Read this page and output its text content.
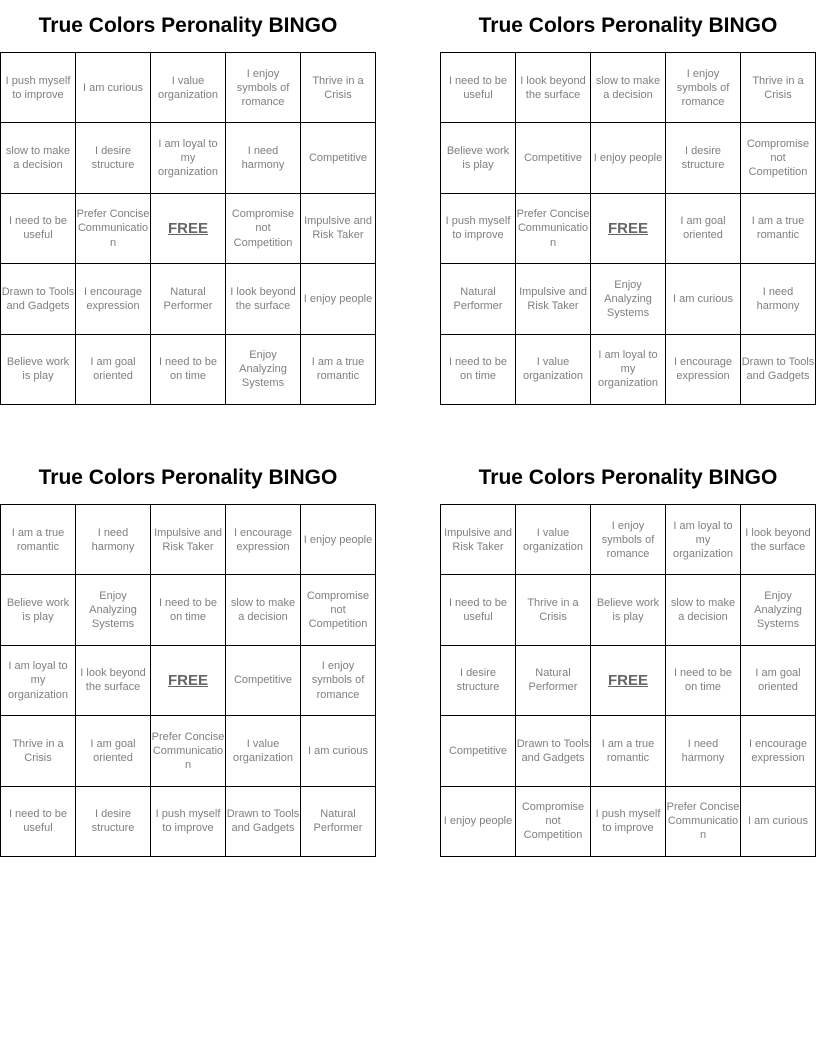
True Colors Peronality BINGO
I push myself to improve	I am curious	I value organization	I enjoy symbols of romance	Thrive in a Crisis
slow to make a decision	I desire structure	I am loyal to my organization	I need harmony	Competitive
I need to be useful	Prefer Concise Communication	FREE	Compromise not Competition	Impulsive and Risk Taker
Drawn to Tools and Gadgets	I encourage expression	Natural Performer	I look beyond the surface	I enjoy people
Believe work is play	I am goal oriented	I need to be on time	Enjoy Analyzing Systems	I am a true romantic
True Colors Peronality BINGO
I need to be useful	I look beyond the surface	slow to make a decision	I enjoy symbols of romance	Thrive in a Crisis
Believe work is play	Competitive	I enjoy people	I desire structure	Compromise not Competition
I push myself to improve	Prefer Concise Communication	FREE	I am goal oriented	I am a true romantic
Natural Performer	Impulsive and Risk Taker	Enjoy Analyzing Systems	I am curious	I need harmony
I need to be on time	I value organization	I am loyal to my organization	I encourage expression	Drawn to Tools and Gadgets
True Colors Peronality BINGO
I am a true romantic	I need harmony	Impulsive and Risk Taker	I encourage expression	I enjoy people
Believe work is play	Enjoy Analyzing Systems	I need to be on time	slow to make a decision	Compromise not Competition
I am loyal to my organization	I look beyond the surface	FREE	Competitive	I enjoy symbols of romance
Thrive in a Crisis	I am goal oriented	Prefer Concise Communication	I value organization	I am curious
I need to be useful	I desire structure	I push myself to improve	Drawn to Tools and Gadgets	Natural Performer
True Colors Peronality BINGO
Impulsive and Risk Taker	I value organization	I enjoy symbols of romance	I am loyal to my organization	I look beyond the surface
I need to be useful	Thrive in a Crisis	Believe work is play	slow to make a decision	Enjoy Analyzing Systems
I desire structure	Natural Performer	FREE	I need to be on time	I am goal oriented
Competitive	Drawn to Tools and Gadgets	I am a true romantic	I need harmony	I encourage expression
I enjoy people	Compromise not Competition	I push myself to improve	Prefer Concise Communication	I am curious
